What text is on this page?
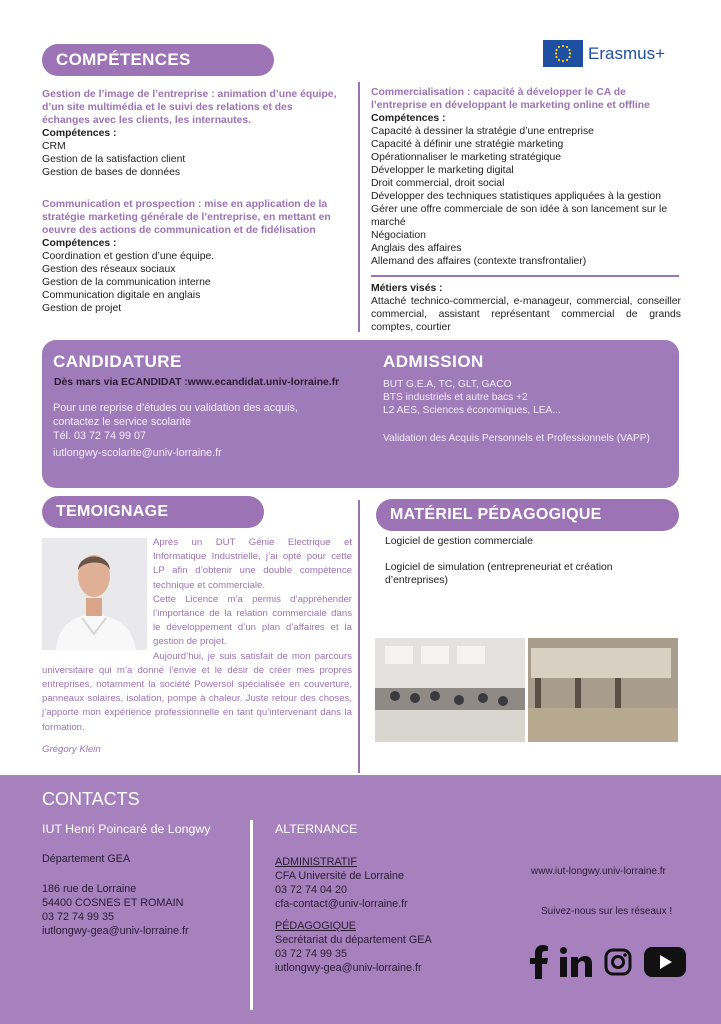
COMPÉTENCES	Erasmus+
Gestion de l’image de l’entreprise : animation d’une équipe, d’un site multimédia et le suivi des relations et des échanges avec les clients, les internautes.
Compétences :
CRM
Gestion de la satisfaction client
Gestion de bases de données
Communication et prospection : mise en application de la stratégie marketing générale de l’entreprise, en mettant en oeuvre des actions de communication et de fidélisation
Compétences :
Coordination et gestion d’une équipe.
Gestion des réseaux sociaux
Gestion de la communication interne
Communication digitale en anglais
Gestion de projet
Commercialisation : capacité à développer le CA de l’entreprise en développant le marketing online et offline
Compétences :
Capacité à dessiner la stratégie d’une entreprise
Capacité à définir une stratégie marketing
Opérationnaliser le marketing stratégique
Développer le marketing digital
Droit commercial, droit social
Développer des techniques statistiques appliquées à la gestion
Gérer une offre commerciale de son idée à son lancement sur le marché
Négociation
Anglais des affaires
Allemand des affaires (contexte transfrontalier)
Métiers visés :
Attaché technico-commercial, e-manageur, commercial, conseiller commercial, assistant représentant commercial de grands comptes, courtier
CANDIDATURE
Dès mars via ECANDIDAT :www.ecandidat.univ-lorraine.fr
Pour une reprise d’études ou validation des acquis,
contactez le service scolarité
Tél. 03 72 74 99 07
iutlongwy-scolarite@univ-lorraine.fr
ADMISSION
BUT G.E.A, TC, GLT, GACO
BTS industriels et autre bacs +2
L2 AES, Sciences économiques, LEA...
Validation des Acquis Personnels et Professionnels (VAPP)
TEMOIGNAGE
Après un DUT Génie Electrique et Informatique Industrielle, j’ai opté pour cette LP afin d’obtenir une double compétence technique et commerciale.
Cette Licence m’a permis d’appréhender l’importance de la relation commerciale dans le développement d’un plan d’affaires et la gestion de projet.
Aujourd’hui, je suis satisfait de mon parcours universitaire qui m’a donné l’envie et le désir de créer mes propres entreprises, notamment la société Powersol spécialisée en couverture, panneaux solaires, isolation, pompe à chaleur. Juste retour des choses, j’apporte mon expérience professionnelle en tant qu’intervenant dans la formation.
Grégory Klein
MATÉRIEL PÉDAGOGIQUE
Logiciel de gestion commerciale
Logiciel de simulation (entrepreneuriat et création d’entreprises)
CONTACTS
IUT Henri Poincaré de Longwy
Département GEA
186 rue de Lorraine
54400 COSNES ET ROMAIN
03 72 74 99 35
iutlongwy-gea@univ-lorraine.fr
ALTERNANCE
ADMINISTRATIF
CFA Université de Lorraine
03 72 74 04 20
cfa-contact@univ-lorraine.fr
PÉDAGOGIQUE
Secrétariat du département GEA
03 72 74 99 35
iutlongwy-gea@univ-lorraine.fr
www.iut-longwy.univ-lorraine.fr
Suivez-nous sur les réseaux !
